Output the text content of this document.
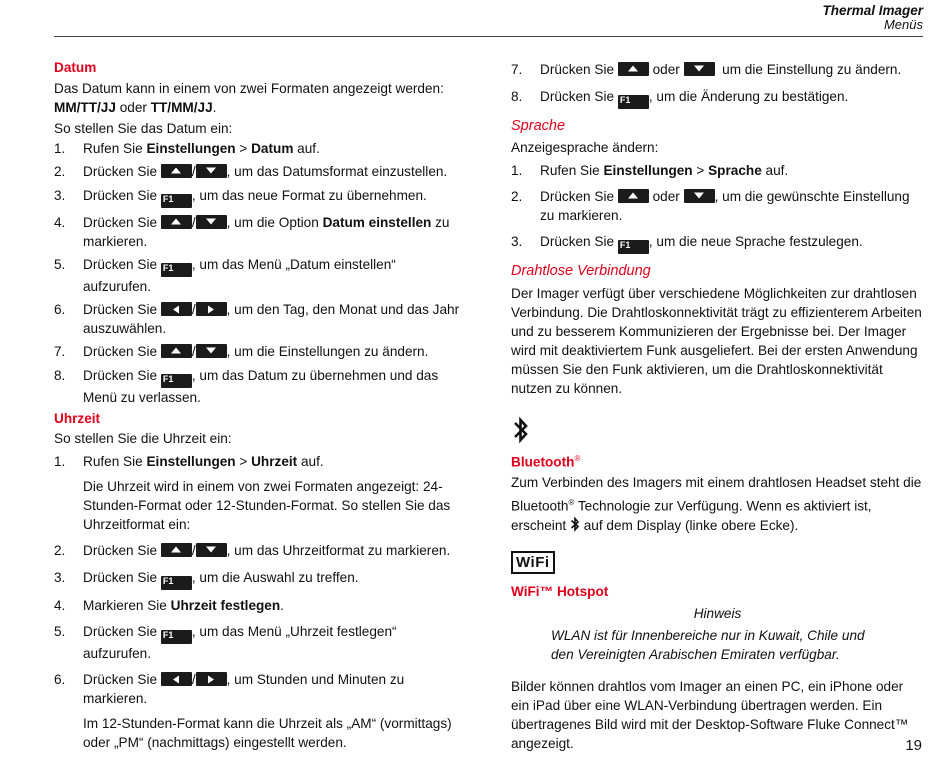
Thermal Imager
Menüs
Datum

Das Datum kann in einem von zwei Formaten angezeigt werden: MM/TT/JJ oder TT/MM/JJ.

So stellen Sie das Datum ein:

1.	Rufen Sie Einstellungen > Datum auf.
2.	Drücken Sie
/ , um das Datumsformat einzustellen.
3.	Drücken Sie F1 , um das neue Format zu übernehmen.
4.	Drücken Sie
/ , um die Option Datum einstellen zu markieren.
5.	Drücken Sie F1 , um das Menü „Datum einstellen“ aufzurufen.
6.	Drücken Sie
/ , um den Tag, den Monat und das Jahr auszuwählen.
7.	Drücken Sie
/ , um die Einstellungen zu ändern.
8.	Drücken Sie F1 , um das Datum zu übernehmen und das Menü zu verlassen.
Uhrzeit

So stellen Sie die Uhrzeit ein:

1.	Rufen Sie Einstellungen > Uhrzeit auf.

Die Uhrzeit wird in einem von zwei Formaten angezeigt: 24-Stunden-Format oder 12-Stunden-Format. So stellen Sie das Uhrzeitformat ein:

2.	Drücken Sie
/ , um das Uhrzeitformat zu markieren.
3.	Drücken Sie F1 , um die Auswahl zu treffen.
4.	Markieren Sie Uhrzeit festlegen.
5.	Drücken Sie F1 , um das Menü „Uhrzeit festlegen“ aufzurufen.
6.	Drücken Sie
/ , um Stunden und Minuten zu markieren.

Im 12-Stunden-Format kann die Uhrzeit als „AM“ (vormittags) oder „PM“ (nachmittags) eingestellt werden.

7.	Drücken Sie
oder
um die Einstellung zu ändern.
8.	Drücken Sie F1 , um die Änderung zu bestätigen.
Sprache

Anzeigesprache ändern:

1.	Rufen Sie Einstellungen > Sprache auf.
2.	Drücken Sie
oder
, um die gewünschte Einstellung zu markieren.
3.	Drücken Sie F1 , um die neue Sprache festzulegen.
Drahtlose Verbindung

Der Imager verfügt über verschiedene Möglichkeiten zur drahtlosen Verbindung. Die Drahtloskonnektivität trägt zu effizienterem Arbeiten und zu besserem Kommunizieren der Ergebnisse bei. Der Imager wird mit deaktiviertem Funk ausgeliefert. Bei der ersten Anwendung müssen Sie den Funk aktivieren, um die Drahtloskonnektivität nutzen zu können.

Bluetooth®

Zum Verbinden des Imagers mit einem drahtlosen Headset steht die Bluetooth® Technologie zur Verfügung. Wenn es aktiviert ist, erscheint  auf dem Display (linke obere Ecke).

WiFi
WiFi™ Hotspot

Hinweis

WLAN ist für Innenbereiche nur in Kuwait, Chile und den Vereinigten Arabischen Emiraten verfügbar.

Bilder können drahtlos vom Imager an einen PC, ein iPhone oder ein iPad über eine WLAN-Verbindung übertragen werden. Ein übertragenes Bild wird mit der Desktop-Software Fluke Connect™ angezeigt.	19
